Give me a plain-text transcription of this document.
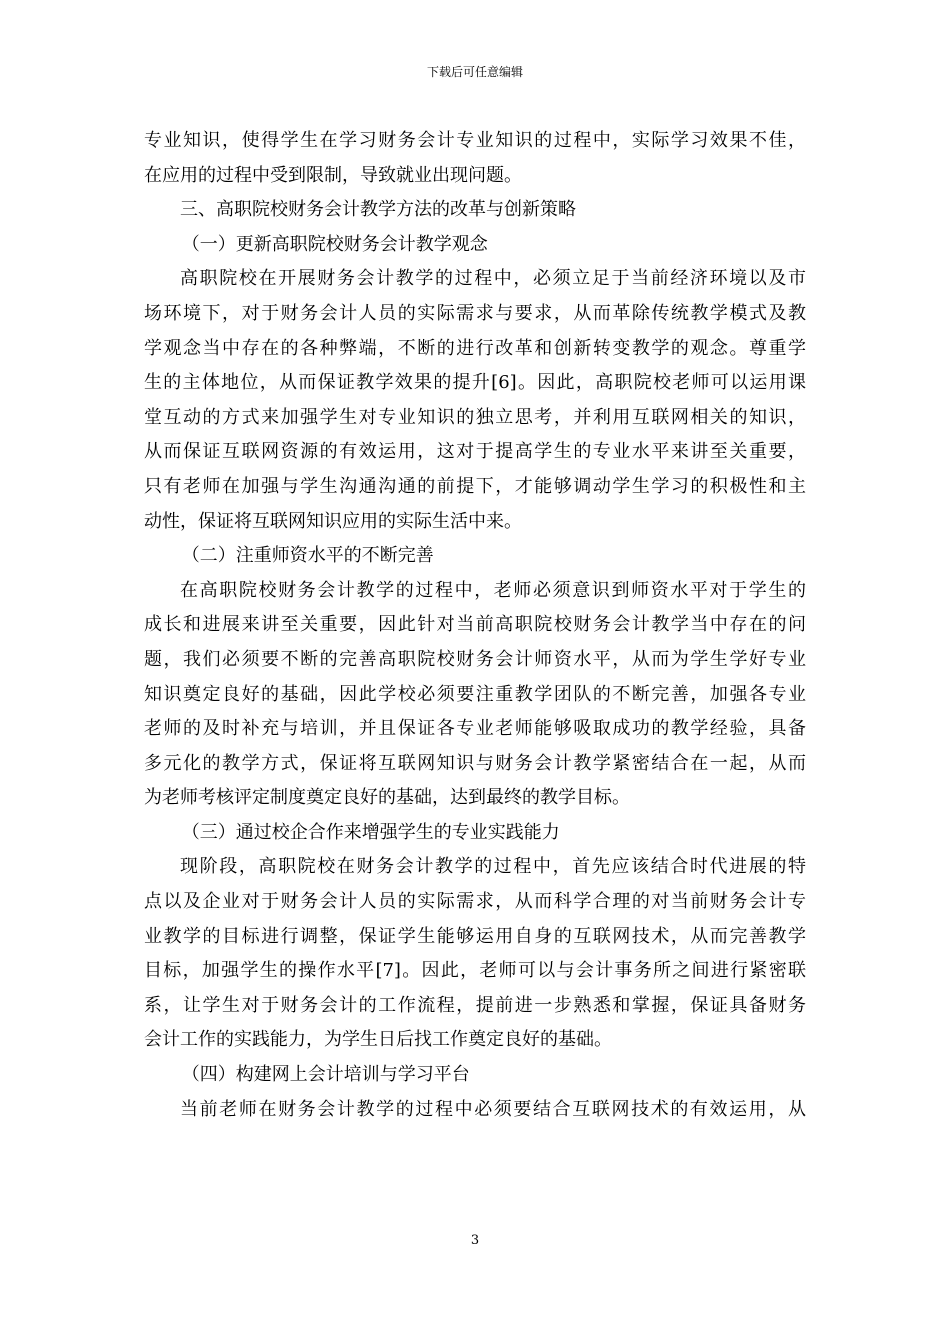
下载后可任意编辑

专业知识，使得学生在学习财务会计专业知识的过程中，实际学习效果不佳，

在应用的过程中受到限制，导致就业出现问题。

三、高职院校财务会计教学方法的改革与创新策略

（一）更新高职院校财务会计教学观念

高职院校在开展财务会计教学的过程中，必须立足于当前经济环境以及市

场环境下，对于财务会计人员的实际需求与要求，从而革除传统教学模式及教

学观念当中存在的各种弊端，不断的进行改革和创新转变教学的观念。尊重学

生的主体地位，从而保证教学效果的提升[6]。因此，高职院校老师可以运用课

堂互动的方式来加强学生对专业知识的独立思考，并利用互联网相关的知识，

从而保证互联网资源的有效运用，这对于提高学生的专业水平来讲至关重要，

只有老师在加强与学生沟通沟通的前提下，才能够调动学生学习的积极性和主

动性，保证将互联网知识应用的实际生活中来。

（二）注重师资水平的不断完善

在高职院校财务会计教学的过程中，老师必须意识到师资水平对于学生的

成长和进展来讲至关重要，因此针对当前高职院校财务会计教学当中存在的问

题，我们必须要不断的完善高职院校财务会计师资水平，从而为学生学好专业

知识奠定良好的基础，因此学校必须要注重教学团队的不断完善，加强各专业

老师的及时补充与培训，并且保证各专业老师能够吸取成功的教学经验，具备

多元化的教学方式，保证将互联网知识与财务会计教学紧密结合在一起，从而

为老师考核评定制度奠定良好的基础，达到最终的教学目标。

（三）通过校企合作来增强学生的专业实践能力

现阶段，高职院校在财务会计教学的过程中，首先应该结合时代进展的特

点以及企业对于财务会计人员的实际需求，从而科学合理的对当前财务会计专

业教学的目标进行调整，保证学生能够运用自身的互联网技术，从而完善教学

目标，加强学生的操作水平[7]。因此，老师可以与会计事务所之间进行紧密联

系，让学生对于财务会计的工作流程，提前进一步熟悉和掌握，保证具备财务

会计工作的实践能力，为学生日后找工作奠定良好的基础。

（四）构建网上会计培训与学习平台

当前老师在财务会计教学的过程中必须要结合互联网技术的有效运用，从

3
